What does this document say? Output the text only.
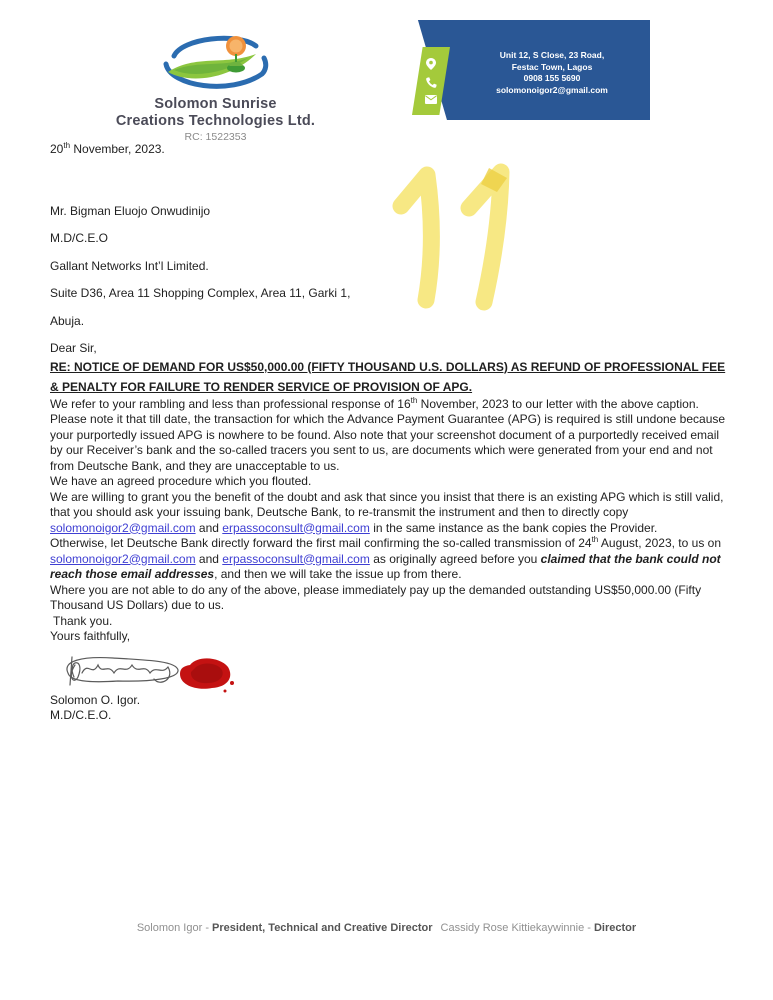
Solomon Sunrise
Creations Technologies Ltd.
RC: 1522353
Unit 12, S Close, 23 Road,
Festac Town, Lagos
0908 155 5690
solomonoigor2@gmail.com

20th November, 2023.

Mr. Bigman Eluojo Onwudinijo

M.D/C.E.O

Gallant Networks Int’l Limited.

Suite D36, Area 11 Shopping Complex, Area 11, Garki 1,

Abuja.

Dear Sir,

RE: NOTICE OF DEMAND FOR US$50,000.00 (FIFTY THOUSAND U.S. DOLLARS) AS REFUND OF PROFESSIONAL FEE & PENALTY FOR FAILURE TO RENDER SERVICE OF PROVISION OF APG.

We refer to your rambling and less than professional response of 16th November, 2023 to our letter with the above caption.

Please note it that till date, the transaction for which the Advance Payment Guarantee (APG) is required is still undone because your purportedly issued APG is nowhere to be found. Also note that your screenshot document of a purportedly received email by our Receiver’s bank and the so-called tracers you sent to us, are documents which were generated from your end and not from Deutsche Bank, and they are unacceptable to us.

We have an agreed procedure which you flouted.

We are willing to grant you the benefit of the doubt and ask that since you insist that there is an existing APG which is still valid, that you should ask your issuing bank, Deutsche Bank, to re-transmit the instrument and then to directly copy solomonoigor2@gmail.com and erpassoconsult@gmail.com in the same instance as the bank copies the Provider.

Otherwise, let Deutsche Bank directly forward the first mail confirming the so-called transmission of 24th August, 2023, to us on solomonoigor2@gmail.com and erpassoconsult@gmail.com as originally agreed before you claimed that the bank could not reach those email addresses, and then we will take the issue up from there.

Where you are not able to do any of the above, please immediately pay up the demanded outstanding US$50,000.00 (Fifty Thousand US Dollars) due to us.

Thank you.

Yours faithfully,

Solomon O. Igor.

M.D/C.E.O.

Solomon Igor - President, Technical and Creative Director Cassidy Rose Kittiekaywinnie - Director
